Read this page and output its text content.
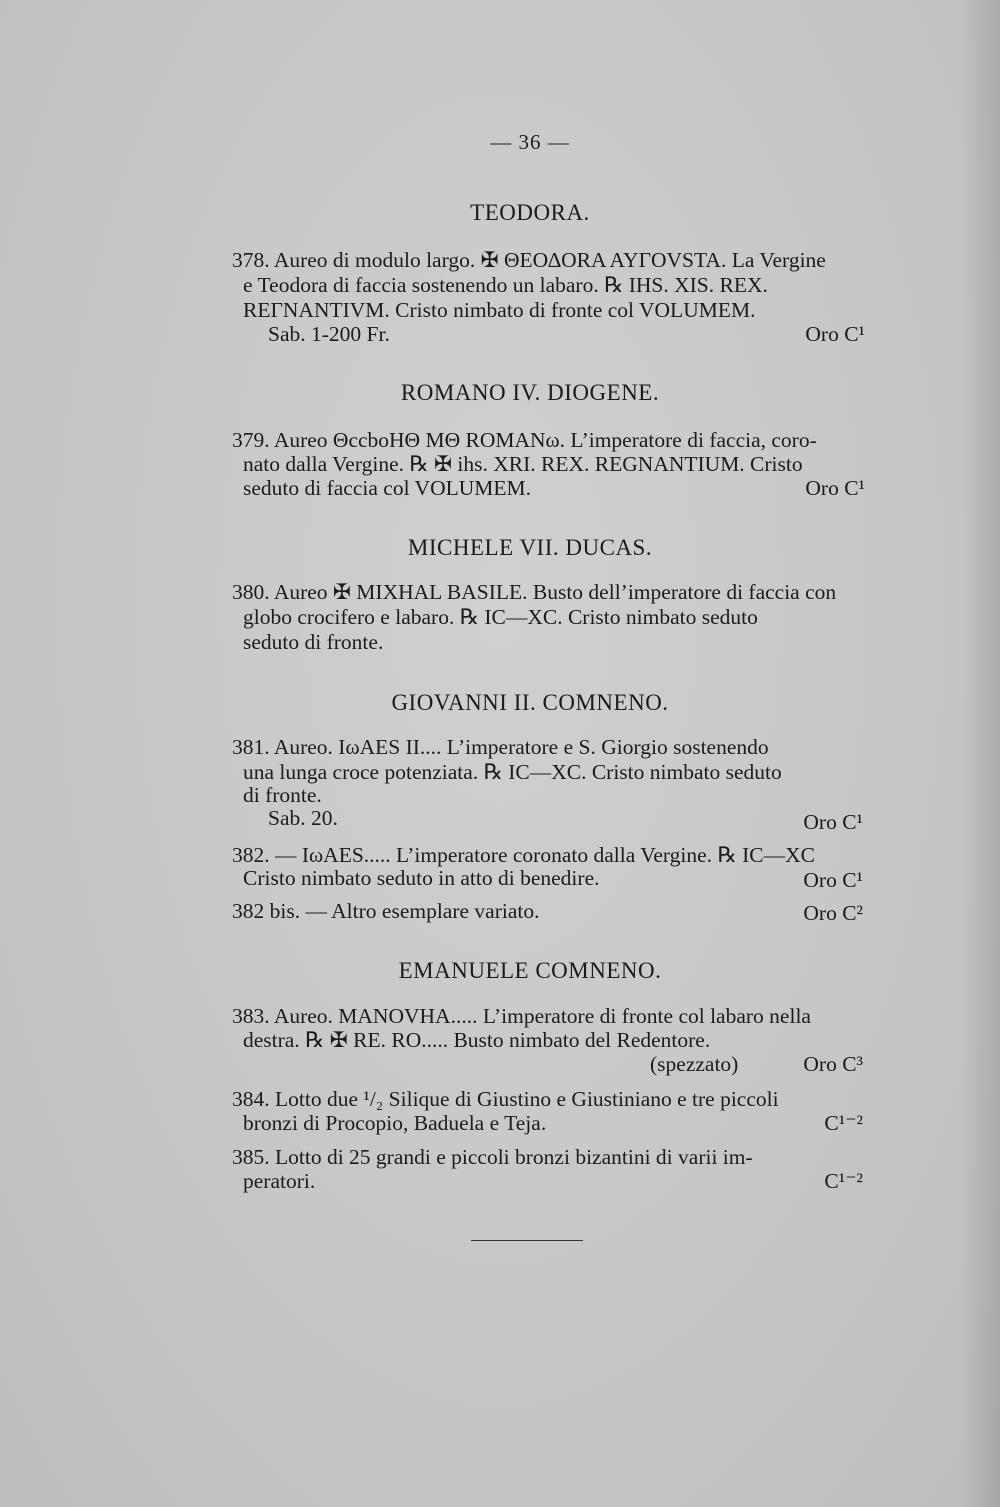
— 36 —
TEODORA.
378. Aureo di modulo largo. ✠ ΘΕΟΔΟRA AYΓΟVSTA. La Vergine
e Teodora di faccia sostenendo un labaro. ℞ IHS. XIS. REX.
REΓNANTIVM. Cristo nimbato di fronte col VOLUMEM.
Sab. 1-200 Fr.	Oro C¹
ROMANO IV. DIOGENE.
379. Aureo ΘccbοHΘ MΘ ROMANω. L’imperatore di faccia, coro-
nato dalla Vergine. ℞ ✠ ihs. XRI. REX. REGNANTIUM. Cristo
seduto di faccia col VOLUMEM.	Oro C¹
MICHELE VII. DUCAS.
380. Aureo ✠ MIXHAL BASILE. Busto dell’imperatore di faccia con
globo crocifero e labaro. ℞ IC—XC. Cristo nimbato seduto
seduto di fronte.
GIOVANNI II. COMNENO.
381. Aureo. IωAES II.... L’imperatore e S. Giorgio sostenendo
una lunga croce potenziata. ℞ IC—XC. Cristo nimbato seduto
di fronte.
Sab. 20.	Oro C¹
382. — IωAES..... L’imperatore coronato dalla Vergine. ℞ IC—XC
Cristo nimbato seduto in atto di benedire.	Oro C¹
382 bis. — Altro esemplare variato.	Oro C²
EMANUELE COMNENO.
383. Aureo. MANOVHA..... L’imperatore di fronte col labaro nella
destra. ℞ ✠ RE. RO..... Busto nimbato del Redentore.
(spezzato)	Oro C³
384. Lotto due ¹/₂ Silique di Giustino e Giustiniano e tre piccoli
bronzi di Procopio, Baduela e Teja.	C¹⁻²
385. Lotto di 25 grandi e piccoli bronzi bizantini di varii im-
peratori.	C¹⁻²
